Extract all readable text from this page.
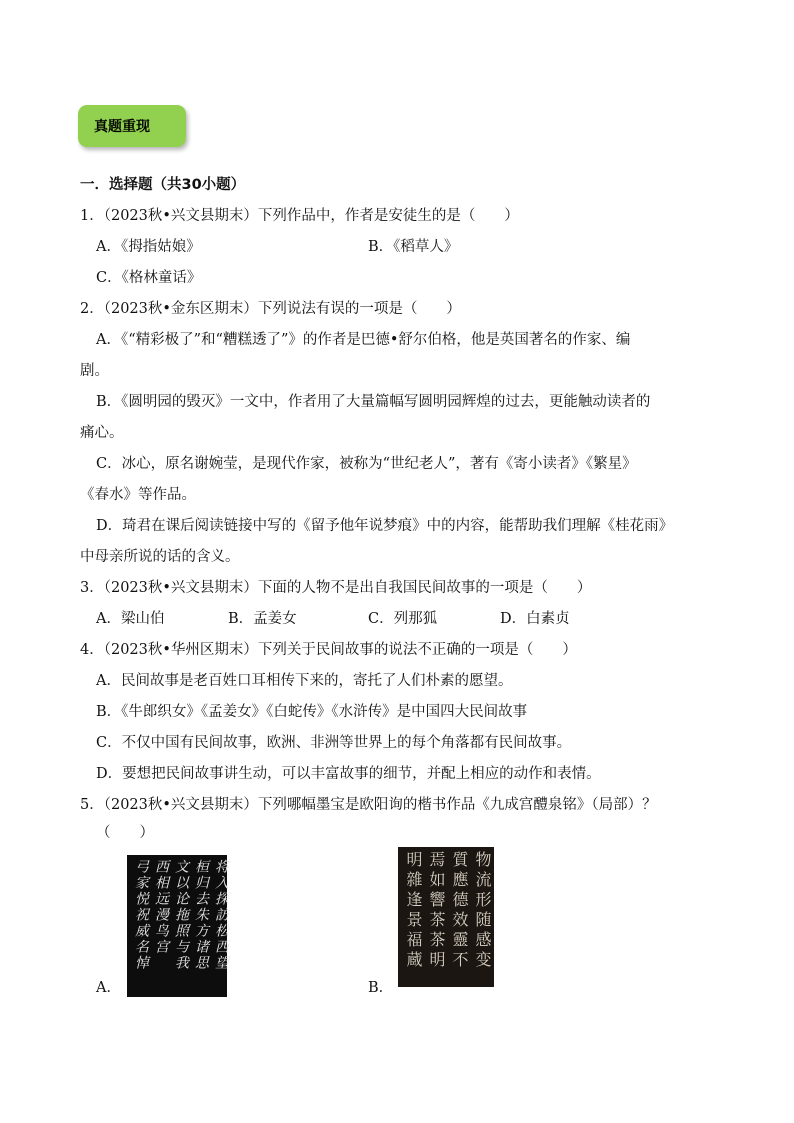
真题重现
一．选择题（共30小题）
1．（2023秋•兴文县期末）下列作品中，作者是安徒生的是（　　）
A．《拇指姑娘》	B．《稻草人》
C．《格林童话》
2．（2023秋•金东区期末）下列说法有误的一项是（　　）
A．《“精彩极了”和“糟糕透了”》的作者是巴德•舒尔伯格，他是英国著名的作家、编
剧。
B．《圆明园的毁灭》一文中，作者用了大量篇幅写圆明园辉煌的过去，更能触动读者的
痛心。
C．冰心，原名谢婉莹，是现代作家，被称为“世纪老人”，著有《寄小读者》《繁星》
《春水》等作品。
D．琦君在课后阅读链接中写的《留予他年说梦痕》中的内容，能帮助我们理解《桂花雨》
中母亲所说的话的含义。
3．（2023秋•兴文县期末）下面的人物不是出自我国民间故事的一项是（　　）
A．梁山伯	B．孟姜女	C．列那狐	D．白素贞
4．（2023秋•华州区期末）下列关于民间故事的说法不正确的一项是（　　）
A．民间故事是老百姓口耳相传下来的，寄托了人们朴素的愿望。
B．《牛郎织女》《孟姜女》《白蛇传》《水浒传》是中国四大民间故事
C．不仅中国有民间故事，欧洲、非洲等世界上的每个角落都有民间故事。
D．要想把民间故事讲生动，可以丰富故事的细节，并配上相应的动作和表情。
5．（2023秋•兴文县期末）下列哪幅墨宝是欧阳询的楷书作品《九成宫醴泉铭》（局部）？
（　　）
将入探訪松西望
桓归去朱方诸思
文以论拖照与我
西相远漫鸟宫
弓家悦祝威名悼
A．
物流形随感变
質應德效靈不
焉如響茶茶明
明雜逢景福蔵
B．
